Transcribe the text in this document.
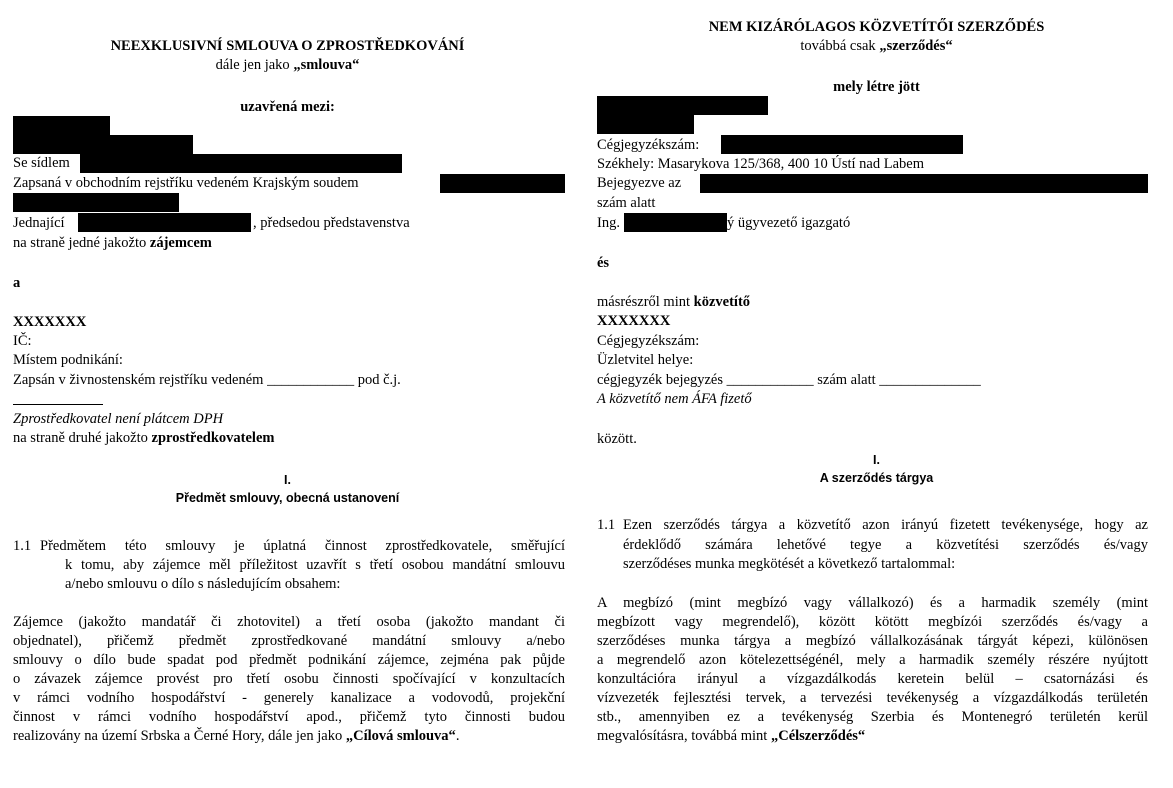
NEEXKLUSIVNÍ SMLOUVA O ZPROSTŘEDKOVÁNÍ
dále jen jako „smlouva“
uzavřená mezi:
Se sídlem
Zapsaná v obchodním rejstříku vedeném Krajským soudem
Jednající	, předsedou představenstva
na straně jedné jakožto zájemcem
a
XXXXXXX
IČ:
Místem podnikání:
Zapsán v živnostenském rejstříku vedeném ____________ pod č.j.
Zprostředkovatel není plátcem DPH
na straně druhé jakožto zprostředkovatelem
I.
Předmět smlouvy, obecná ustanovení
1.1 Předmětem této smlouvy je úplatná činnost zprostředkovatele, směřující
k tomu, aby zájemce měl příležitost uzavřít s třetí osobou mandátní smlouvu
a/nebo smlouvu o dílo s následujícím obsahem:
Zájemce (jakožto mandatář či zhotovitel) a třetí osoba (jakožto mandant či
objednatel), přičemž předmět zprostředkované mandátní smlouvy a/nebo
smlouvy o dílo bude spadat pod předmět podnikání zájemce, zejména pak půjde
o závazek zájemce provést pro třetí osobu činnosti spočívající v konzultacích
v rámci vodního hospodářství - generely kanalizace a vodovodů, projekční
činnost v rámci vodního hospodářství apod., přičemž tyto činnosti budou
realizovány na území Srbska a Černé Hory, dále jen jako „Cílová smlouva“.
NEM KIZÁRÓLAGOS KÖZVETÍTŐI SZERZŐDÉS
továbbá csak „szerződés“
mely létre jött
Cégjegyzékszám:
Székhely: Masarykova 125/368, 400 10 Ústí nad Labem
Bejegyezve az
szám alatt
Ing.	ý ügyvezető igazgató
és
másrészről mint közvetítő
XXXXXXX
Cégjegyzékszám:
Üzletvitel helye:
cégjegyzék bejegyzés ____________ szám alatt ______________
A közvetítő nem ÁFA fizető
között.
I.
A szerződés tárgya
1.1 Ezen szerződés tárgya a közvetítő azon irányú fizetett tevékenysége, hogy az
érdeklődő számára lehetővé tegye a közvetítési szerződés és/vagy
szerződéses munka megkötését a következő tartalommal:
A megbízó (mint megbízó vagy vállalkozó) és a harmadik személy (mint
megbízott vagy megrendelő), között kötött megbízói szerződés és/vagy a
szerződéses munka tárgya a megbízó vállalkozásának tárgyát képezi, különösen
a megrendelő azon kötelezettségénél, mely a harmadik személy részére nyújtott
konzultációra irányul a vízgazdálkodás keretein belül – csatornázási és
vízvezeték fejlesztési tervek, a tervezési tevékenység a vízgazdálkodás területén
stb., amennyiben ez a tevékenység Szerbia és Montenegró területén kerül
megvalósításra, továbbá mint „Célszerződés“
